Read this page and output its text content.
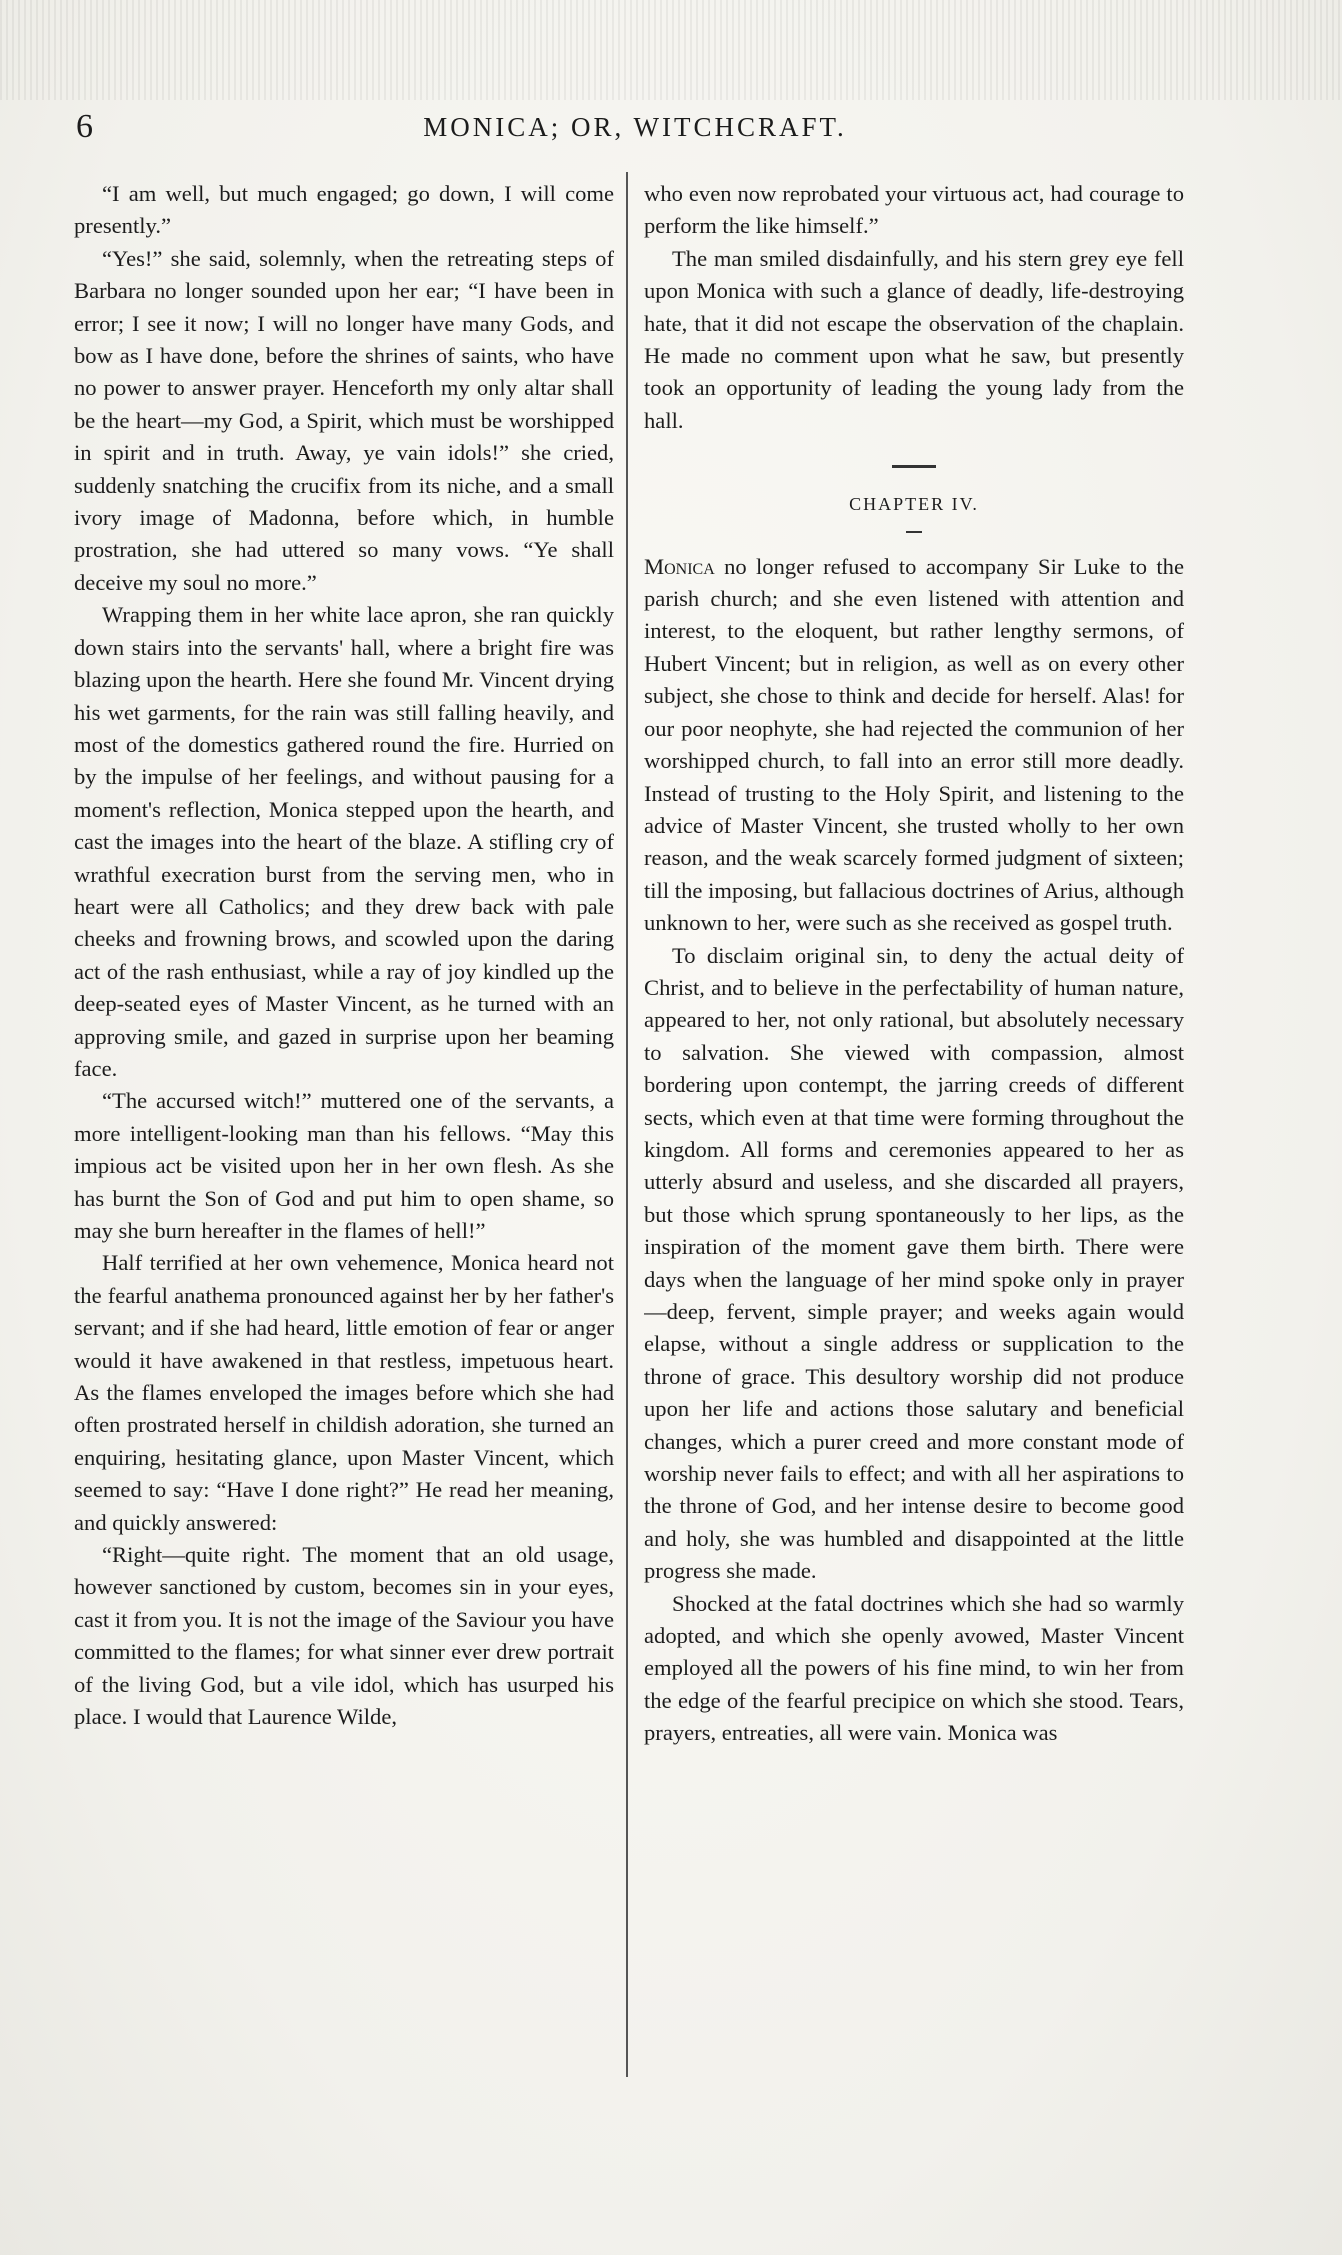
6	MONICA; OR, WITCHCRAFT.

“I am well, but much engaged; go down, I will come presently.”

“Yes!” she said, solemnly, when the retreating steps of Barbara no longer sounded upon her ear; “I have been in error; I see it now; I will no longer have many Gods, and bow as I have done, before the shrines of saints, who have no power to answer prayer. Henceforth my only altar shall be the heart—my God, a Spirit, which must be worshipped in spirit and in truth. Away, ye vain idols!” she cried, suddenly snatching the crucifix from its niche, and a small ivory image of Madonna, before which, in humble prostration, she had uttered so many vows. “Ye shall deceive my soul no more.”

Wrapping them in her white lace apron, she ran quickly down stairs into the servants' hall, where a bright fire was blazing upon the hearth. Here she found Mr. Vincent drying his wet garments, for the rain was still falling heavily, and most of the domestics gathered round the fire. Hurried on by the impulse of her feelings, and without pausing for a moment's reflection, Monica stepped upon the hearth, and cast the images into the heart of the blaze. A stifling cry of wrathful execration burst from the serving men, who in heart were all Catholics; and they drew back with pale cheeks and frowning brows, and scowled upon the daring act of the rash enthusiast, while a ray of joy kindled up the deep-seated eyes of Master Vincent, as he turned with an approving smile, and gazed in surprise upon her beaming face.

“The accursed witch!” muttered one of the servants, a more intelligent-looking man than his fellows. “May this impious act be visited upon her in her own flesh. As she has burnt the Son of God and put him to open shame, so may she burn hereafter in the flames of hell!”

Half terrified at her own vehemence, Monica heard not the fearful anathema pronounced against her by her father's servant; and if she had heard, little emotion of fear or anger would it have awakened in that restless, impetuous heart. As the flames enveloped the images before which she had often prostrated herself in childish adoration, she turned an enquiring, hesitating glance, upon Master Vincent, which seemed to say: “Have I done right?” He read her meaning, and quickly answered:

“Right—quite right. The moment that an old usage, however sanctioned by custom, becomes sin in your eyes, cast it from you. It is not the image of the Saviour you have committed to the flames; for what sinner ever drew portrait of the living God, but a vile idol, which has usurped his place. I would that Laurence Wilde,

who even now reprobated your virtuous act, had courage to perform the like himself.”

The man smiled disdainfully, and his stern grey eye fell upon Monica with such a glance of deadly, life-destroying hate, that it did not escape the observation of the chaplain. He made no comment upon what he saw, but presently took an opportunity of leading the young lady from the hall.

CHAPTER IV.

Monica no longer refused to accompany Sir Luke to the parish church; and she even listened with attention and interest, to the eloquent, but rather lengthy sermons, of Hubert Vincent; but in religion, as well as on every other subject, she chose to think and decide for herself. Alas! for our poor neophyte, she had rejected the communion of her worshipped church, to fall into an error still more deadly. Instead of trusting to the Holy Spirit, and listening to the advice of Master Vincent, she trusted wholly to her own reason, and the weak scarcely formed judgment of sixteen; till the imposing, but fallacious doctrines of Arius, although unknown to her, were such as she received as gospel truth.

To disclaim original sin, to deny the actual deity of Christ, and to believe in the perfectability of human nature, appeared to her, not only rational, but absolutely necessary to salvation. She viewed with compassion, almost bordering upon contempt, the jarring creeds of different sects, which even at that time were forming throughout the kingdom. All forms and ceremonies appeared to her as utterly absurd and useless, and she discarded all prayers, but those which sprung spontaneously to her lips, as the inspiration of the moment gave them birth. There were days when the language of her mind spoke only in prayer—deep, fervent, simple prayer; and weeks again would elapse, without a single address or supplication to the throne of grace. This desultory worship did not produce upon her life and actions those salutary and beneficial changes, which a purer creed and more constant mode of worship never fails to effect; and with all her aspirations to the throne of God, and her intense desire to become good and holy, she was humbled and disappointed at the little progress she made.

Shocked at the fatal doctrines which she had so warmly adopted, and which she openly avowed, Master Vincent employed all the powers of his fine mind, to win her from the edge of the fearful precipice on which she stood. Tears, prayers, entreaties, all were vain. Monica was
